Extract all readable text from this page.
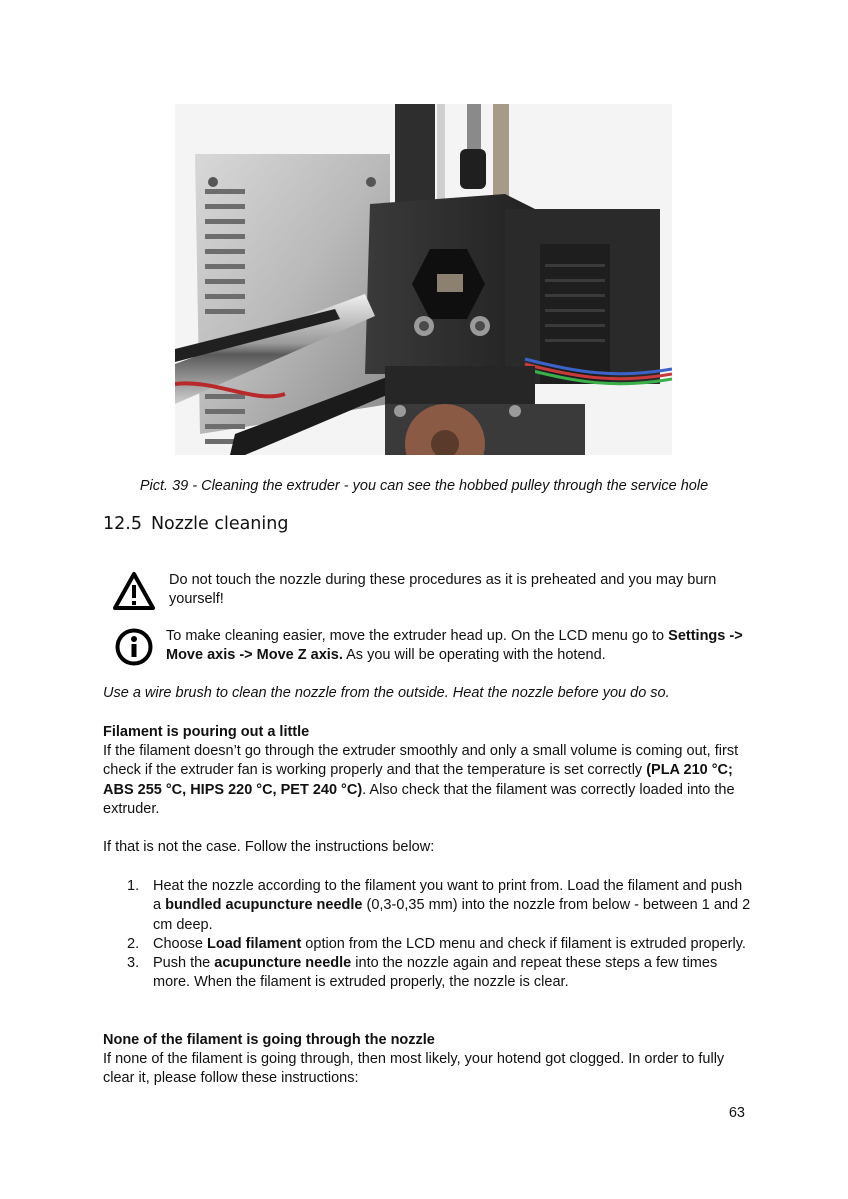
Pict. 39 - Cleaning the extruder - you can see the hobbed pulley through the service hole
12.5 Nozzle cleaning
Do not touch the nozzle during these procedures as it is preheated and you may burn yourself!
To make cleaning easier, move the extruder head up. On the LCD menu go to Settings -> Move axis -> Move Z axis. As you will be operating with the hotend.
Use a wire brush to clean the nozzle from the outside. Heat the nozzle before you do so.
Filament is pouring out a little
If the filament doesn’t go through the extruder smoothly and only a small volume is coming out, first check if the extruder fan is working properly and that the temperature is set correctly (PLA 210 °C; ABS 255 °C, HIPS 220 °C, PET 240 °C). Also check that the filament was correctly loaded into the extruder.
If that is not the case. Follow the instructions below:
1. Heat the nozzle according to the filament you want to print from. Load the filament and push a bundled acupuncture needle (0,3-0,35 mm) into the nozzle from below - between 1 and 2 cm deep.
2. Choose Load filament option from the LCD menu and check if filament is extruded properly.
3. Push the acupuncture needle into the nozzle again and repeat these steps a few times more. When the filament is extruded properly, the nozzle is clear.
None of the filament is going through the nozzle
If none of the filament is going through, then most likely, your hotend got clogged. In order to fully clear it, please follow these instructions:
63
